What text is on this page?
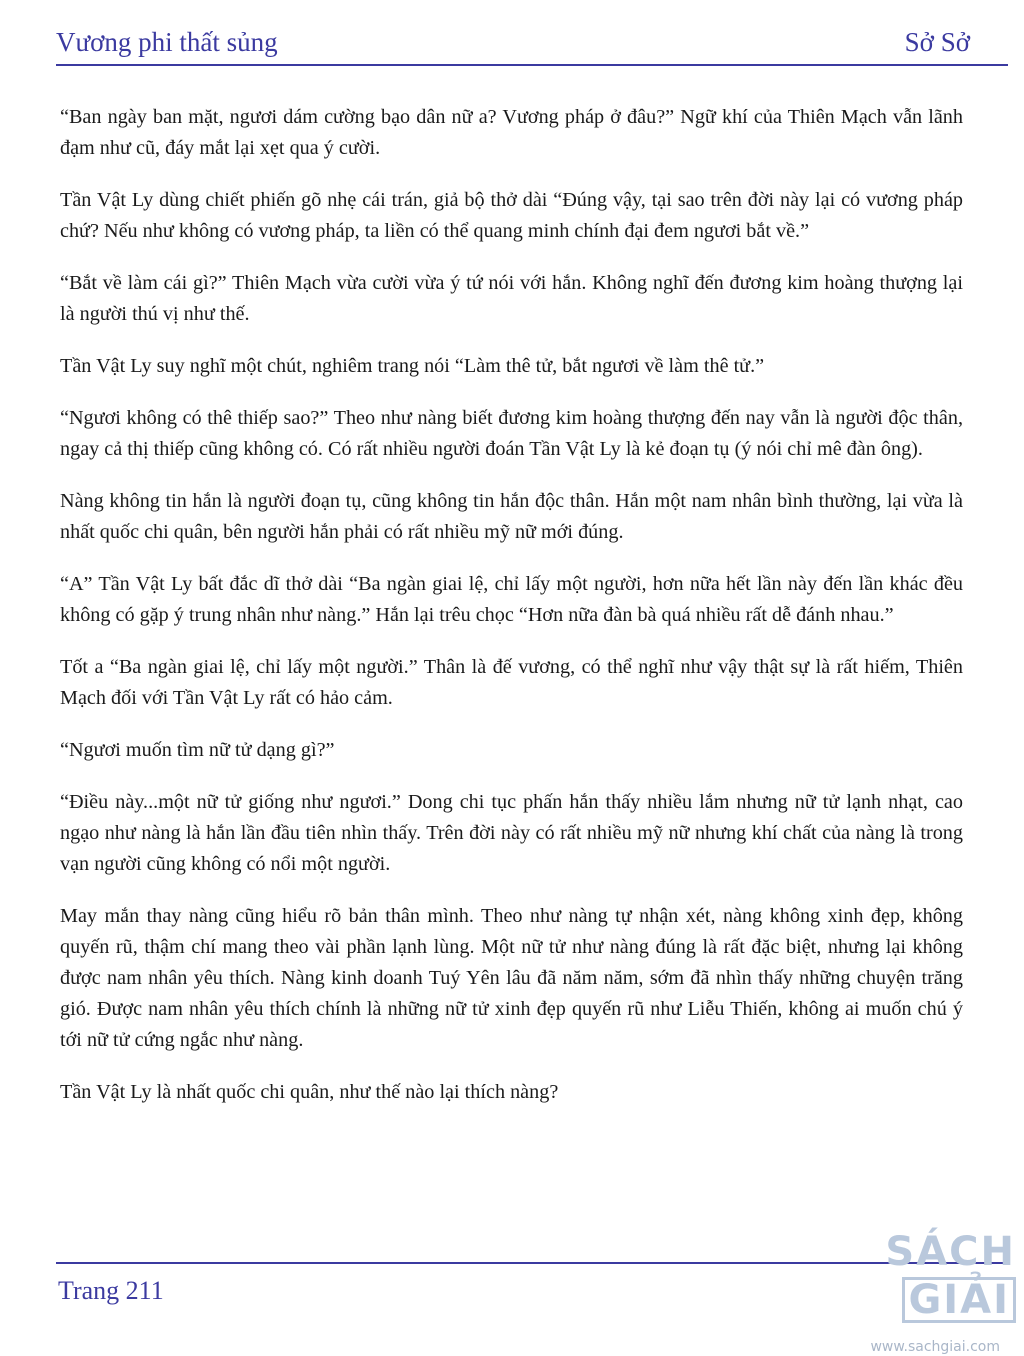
Vương phi thất sủng	Sở Sở

“Ban ngày ban mặt, ngươi dám cường bạo dân nữ a? Vương pháp ở đâu?” Ngữ khí của Thiên Mạch vẫn lãnh đạm như cũ, đáy mắt lại xẹt qua ý cười.

Tần Vật Ly dùng chiết phiến gõ nhẹ cái trán, giả bộ thở dài “Đúng vậy, tại sao trên đời này lại có vương pháp chứ? Nếu như không có vương pháp, ta liền có thể quang minh chính đại đem ngươi bắt về.”

“Bắt về làm cái gì?” Thiên Mạch vừa cười vừa ý tứ nói với hắn. Không nghĩ đến đương kim hoàng thượng lại là người thú vị như thế.

Tần Vật Ly suy nghĩ một chút, nghiêm trang nói “Làm thê tử, bắt ngươi về làm thê tử.”

“Ngươi không có thê thiếp sao?” Theo như nàng biết đương kim hoàng thượng đến nay vẫn là người độc thân, ngay cả thị thiếp cũng không có. Có rất nhiều người đoán Tần Vật Ly là kẻ đoạn tụ (ý nói chỉ mê đàn ông).

Nàng không tin hắn là người đoạn tụ, cũng không tin hắn độc thân. Hắn một nam nhân bình thường, lại vừa là nhất quốc chi quân, bên người hắn phải có rất nhiều mỹ nữ mới đúng.

“A” Tần Vật Ly bất đắc dĩ thở dài “Ba ngàn giai lệ, chỉ lấy một người, hơn nữa hết lần này đến lần khác đều không có gặp ý trung nhân như nàng.” Hắn lại trêu chọc “Hơn nữa đàn bà quá nhiều rất dễ đánh nhau.”

Tốt a “Ba ngàn giai lệ, chỉ lấy một người.” Thân là đế vương, có thể nghĩ như vậy thật sự là rất hiếm, Thiên Mạch đối với Tần Vật Ly rất có hảo cảm.

“Ngươi muốn tìm nữ tử dạng gì?”

“Điều này...một nữ tử giống như ngươi.” Dong chi tục phấn hắn thấy nhiều lắm nhưng nữ tử lạnh nhạt, cao ngạo như nàng là hắn lần đầu tiên nhìn thấy. Trên đời này có rất nhiều mỹ nữ nhưng khí chất của nàng là trong vạn người cũng không có nổi một người.

May mắn thay nàng cũng hiểu rõ bản thân mình. Theo như nàng tự nhận xét, nàng không xinh đẹp, không quyến rũ, thậm chí mang theo vài phần lạnh lùng. Một nữ tử như nàng đúng là rất đặc biệt, nhưng lại không được nam nhân yêu thích. Nàng kinh doanh Tuý Yên lâu đã năm năm, sớm đã nhìn thấy những chuyện trăng gió. Được nam nhân yêu thích chính là những nữ tử xinh đẹp quyến rũ như Liễu Thiến, không ai muốn chú ý tới nữ tử cứng ngắc như nàng.

Tần Vật Ly là nhất quốc chi quân, như thế nào lại thích nàng?

Trang 211
SÁCHGIẢI
www.sachgiai.com
